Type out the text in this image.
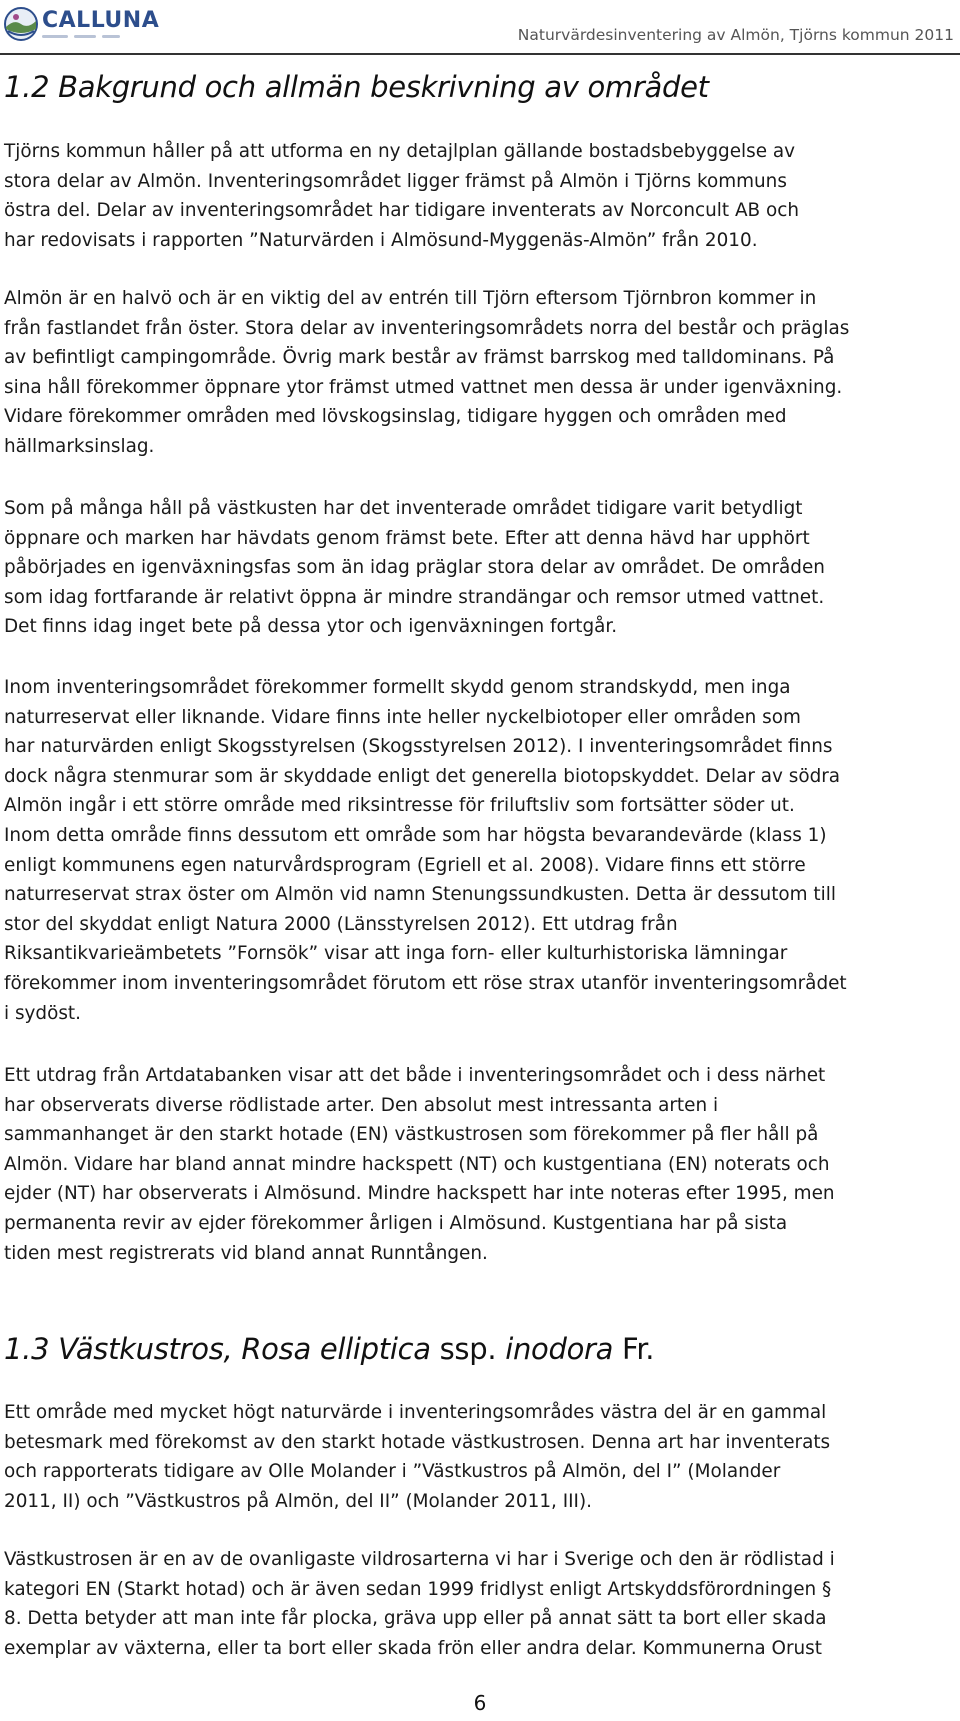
CALLUNA
Naturvärdesinventering av Almön, Tjörns kommun 2011
1.2 Bakgrund och allmän beskrivning av området

Tjörns kommun håller på att utforma en ny detajlplan gällande bostadsbebyggelse av
stora delar av Almön. Inventeringsområdet ligger främst på Almön i Tjörns kommuns
östra del. Delar av inventeringsområdet har tidigare inventerats av Norconcult AB och
har redovisats i rapporten ”Naturvärden i Almösund-Myggenäs-Almön” från 2010.

Almön är en halvö och är en viktig del av entrén till Tjörn eftersom Tjörnbron kommer in
från fastlandet från öster. Stora delar av inventeringsområdets norra del består och präglas
av befintligt campingområde. Övrig mark består av främst barrskog med talldominans. På
sina håll förekommer öppnare ytor främst utmed vattnet men dessa är under igenväxning.
Vidare förekommer områden med lövskogsinslag, tidigare hyggen och områden med
hällmarksinslag.

Som på många håll på västkusten har det inventerade området tidigare varit betydligt
öppnare och marken har hävdats genom främst bete. Efter att denna hävd har upphört
påbörjades en igenväxningsfas som än idag präglar stora delar av området. De områden
som idag fortfarande är relativt öppna är mindre strandängar och remsor utmed vattnet.
Det finns idag inget bete på dessa ytor och igenväxningen fortgår.

Inom inventeringsområdet förekommer formellt skydd genom strandskydd, men inga
naturreservat eller liknande. Vidare finns inte heller nyckelbiotoper eller områden som
har naturvärden enligt Skogsstyrelsen (Skogsstyrelsen 2012). I inventeringsområdet finns
dock några stenmurar som är skyddade enligt det generella biotopskyddet. Delar av södra
Almön ingår i ett större område med riksintresse för friluftsliv som fortsätter söder ut.
Inom detta område finns dessutom ett område som har högsta bevarandevärde (klass 1)
enligt kommunens egen naturvårdsprogram (Egriell et al. 2008). Vidare finns ett större
naturreservat strax öster om Almön vid namn Stenungssundkusten. Detta är dessutom till
stor del skyddat enligt Natura 2000 (Länsstyrelsen 2012). Ett utdrag från
Riksantikvarieämbetets ”Fornsök” visar att inga forn- eller kulturhistoriska lämningar
förekommer inom inventeringsområdet förutom ett röse strax utanför inventeringsområdet
i sydöst.

Ett utdrag från Artdatabanken visar att det både i inventeringsområdet och i dess närhet
har observerats diverse rödlistade arter. Den absolut mest intressanta arten i
sammanhanget är den starkt hotade (EN) västkustrosen som förekommer på fler håll på
Almön. Vidare har bland annat mindre hackspett (NT) och kustgentiana (EN) noterats och
ejder (NT) har observerats i Almösund. Mindre hackspett har inte noteras efter 1995, men
permanenta revir av ejder förekommer årligen i Almösund. Kustgentiana har på sista
tiden mest registrerats vid bland annat Runntången.

1.3 Västkustros, Rosa elliptica ssp. inodora Fr.

Ett område med mycket högt naturvärde i inventeringsområdes västra del är en gammal
betesmark med förekomst av den starkt hotade västkustrosen. Denna art har inventerats
och rapporterats tidigare av Olle Molander i ”Västkustros på Almön, del I” (Molander
2011, II) och ”Västkustros på Almön, del II” (Molander 2011, III).

Västkustrosen är en av de ovanligaste vildrosarterna vi har i Sverige och den är rödlistad i
kategori EN (Starkt hotad) och är även sedan 1999 fridlyst enligt Artskyddsförordningen §
8. Detta betyder att man inte får plocka, gräva upp eller på annat sätt ta bort eller skada
exemplar av växterna, eller ta bort eller skada frön eller andra delar. Kommunerna Orust

6
